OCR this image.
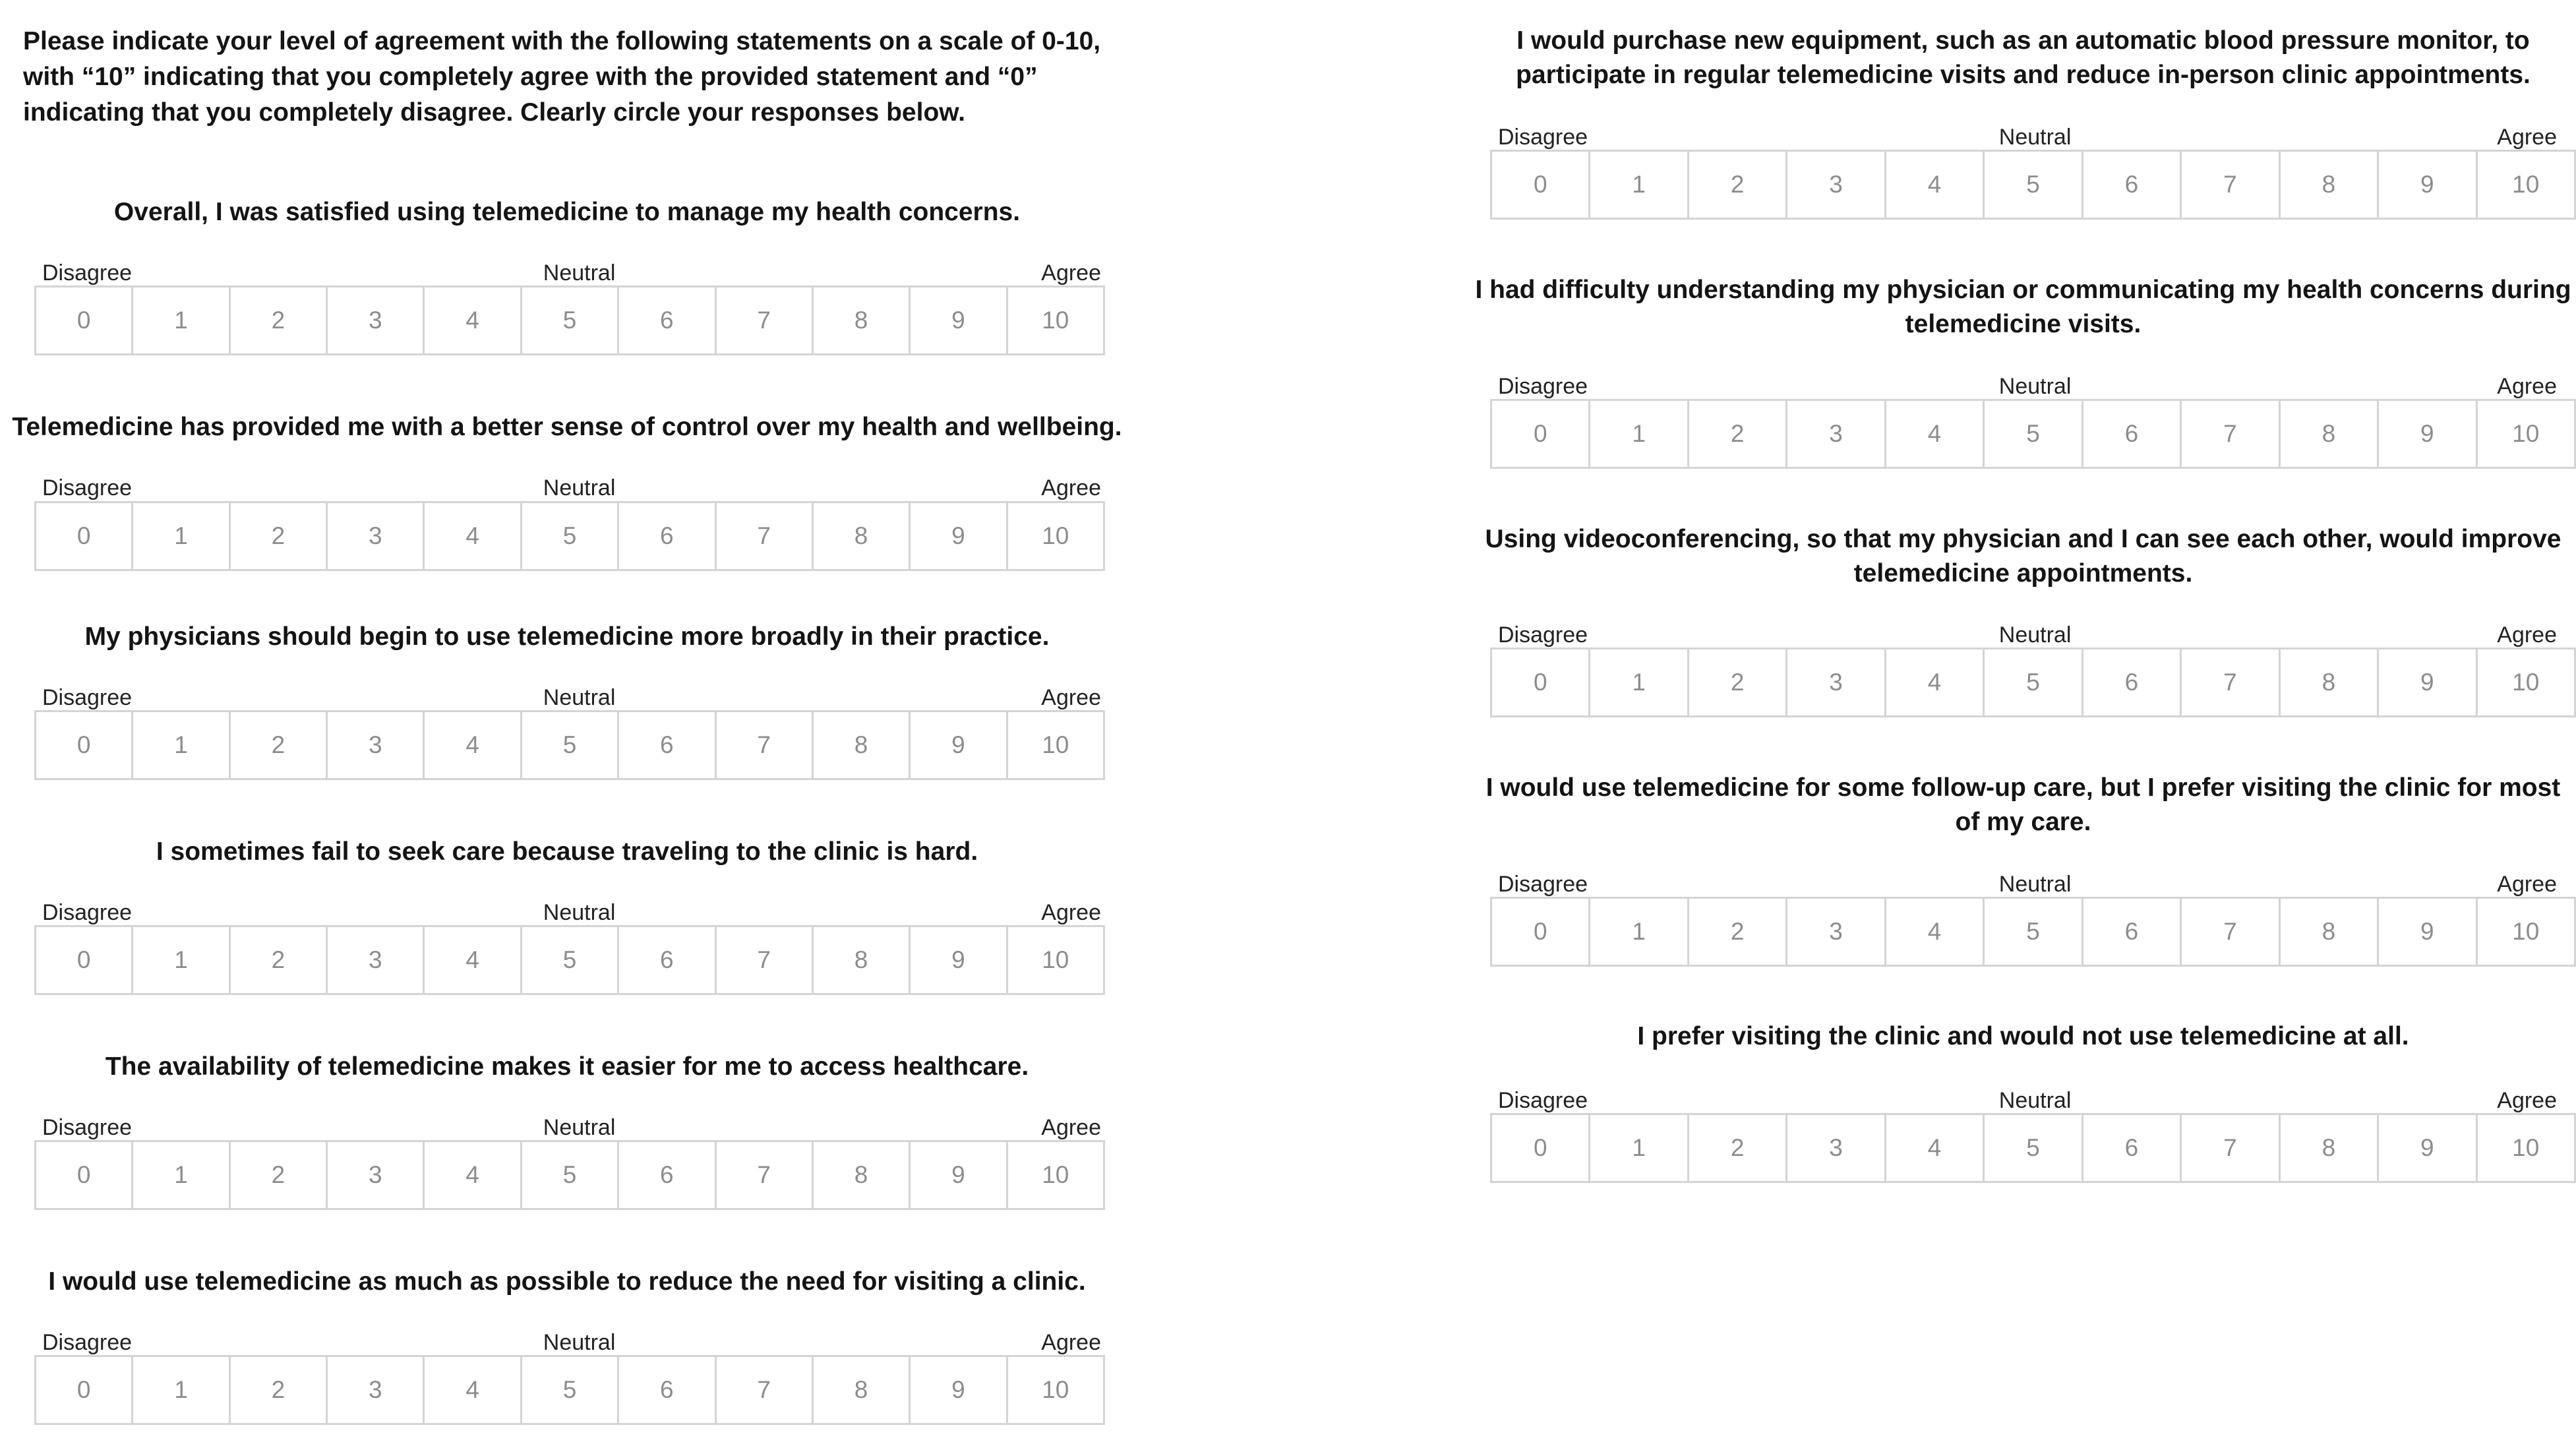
Please indicate your level of agreement with the following statements on a scale of 0-10, with “10” indicating that you completely agree with the provided statement and “0” indicating that you completely disagree. Clearly circle your responses below.

Overall, I was satisfied using telemedicine to manage my health concerns.

Disagree	Neutral	Agree
0	1	2	3	4	5	6	7	8	9	10

Telemedicine has provided me with a better sense of control over my health and wellbeing.

Disagree	Neutral	Agree
0	1	2	3	4	5	6	7	8	9	10

My physicians should begin to use telemedicine more broadly in their practice.

Disagree	Neutral	Agree
0	1	2	3	4	5	6	7	8	9	10

I sometimes fail to seek care because traveling to the clinic is hard.

Disagree	Neutral	Agree
0	1	2	3	4	5	6	7	8	9	10

The availability of telemedicine makes it easier for me to access healthcare.

Disagree	Neutral	Agree
0	1	2	3	4	5	6	7	8	9	10

I would use telemedicine as much as possible to reduce the need for visiting a clinic.

Disagree	Neutral	Agree
0	1	2	3	4	5	6	7	8	9	10

I would purchase new equipment, such as an automatic blood pressure monitor, to participate in regular telemedicine visits and reduce in-person clinic appointments.

Disagree	Neutral	Agree
0	1	2	3	4	5	6	7	8	9	10

I had difficulty understanding my physician or communicating my health concerns during telemedicine visits.

Disagree	Neutral	Agree
0	1	2	3	4	5	6	7	8	9	10

Using videoconferencing, so that my physician and I can see each other, would improve telemedicine appointments.

Disagree	Neutral	Agree
0	1	2	3	4	5	6	7	8	9	10

I would use telemedicine for some follow-up care, but I prefer visiting the clinic for most of my care.

Disagree	Neutral	Agree
0	1	2	3	4	5	6	7	8	9	10

I prefer visiting the clinic and would not use telemedicine at all.

Disagree	Neutral	Agree
0	1	2	3	4	5	6	7	8	9	10
